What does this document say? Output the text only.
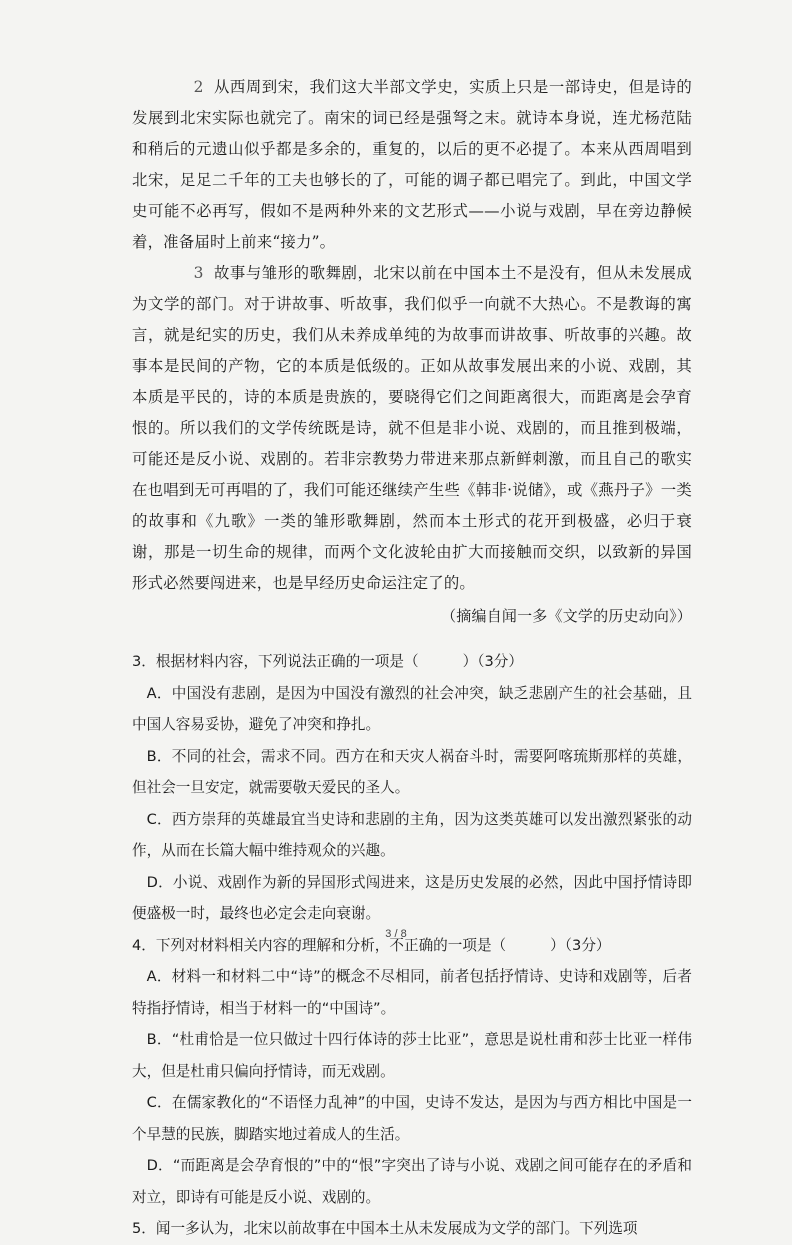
2 从西周到宋，我们这大半部文学史，实质上只是一部诗史，但是诗的发展到北宋实际也就完了。南宋的词已经是强弩之末。就诗本身说，连尤杨范陆和稍后的元遗山似乎都是多余的，重复的，以后的更不必提了。本来从西周唱到北宋，足足二千年的工夫也够长的了，可能的调子都已唱完了。到此，中国文学史可能不必再写，假如不是两种外来的文艺形式——小说与戏剧，早在旁边静候着，准备届时上前来“接力”。

3 故事与雏形的歌舞剧，北宋以前在中国本土不是没有，但从未发展成为文学的部门。对于讲故事、听故事，我们似乎一向就不大热心。不是教诲的寓言，就是纪实的历史，我们从未养成单纯的为故事而讲故事、听故事的兴趣。故事本是民间的产物，它的本质是低级的。正如从故事发展出来的小说、戏剧，其本质是平民的，诗的本质是贵族的，要晓得它们之间距离很大，而距离是会孕育恨的。所以我们的文学传统既是诗，就不但是非小说、戏剧的，而且推到极端，可能还是反小说、戏剧的。若非宗教势力带进来那点新鲜刺激，而且自己的歌实在也唱到无可再唱的了，我们可能还继续产生些《韩非·说储》，或《燕丹子》一类的故事和《九歌》一类的雏形歌舞剧，然而本土形式的花开到极盛，必归于衰谢，那是一切生命的规律，而两个文化波轮由扩大而接触而交织，以致新的异国形式必然要闯进来，也是早经历史命运注定了的。

（摘编自闻一多《文学的历史动向》）

3．根据材料内容，下列说法正确的一项是（	）（3分）

A．中国没有悲剧，是因为中国没有激烈的社会冲突，缺乏悲剧产生的社会基础，且中国人容易妥协，避免了冲突和挣扎。

B．不同的社会，需求不同。西方在和天灾人祸奋斗时，需要阿喀琉斯那样的英雄，但社会一旦安定，就需要敬天爱民的圣人。

C．西方崇拜的英雄最宜当史诗和悲剧的主角，因为这类英雄可以发出激烈紧张的动作，从而在长篇大幅中维持观众的兴趣。

D．小说、戏剧作为新的异国形式闯进来，这是历史发展的必然，因此中国抒情诗即便盛极一时，最终也必定会走向衰谢。

4．下列对材料相关内容的理解和分析，不正确的一项是（	）（3分）

A．材料一和材料二中“诗”的概念不尽相同，前者包括抒情诗、史诗和戏剧等，后者特指抒情诗，相当于材料一的“中国诗”。

B．“杜甫恰是一位只做过十四行体诗的莎士比亚”，意思是说杜甫和莎士比亚一样伟大，但是杜甫只偏向抒情诗，而无戏剧。

C．在儒家教化的“不语怪力乱神”的中国，史诗不发达，是因为与西方相比中国是一个早慧的民族，脚踏实地过着成人的生活。

D．“而距离是会孕育恨的”中的“恨”字突出了诗与小说、戏剧之间可能存在的矛盾和对立，即诗有可能是反小说、戏剧的。

5．闻一多认为，北宋以前故事在中国本土从未发展成为文学的部门。下列选项

3 / 8
